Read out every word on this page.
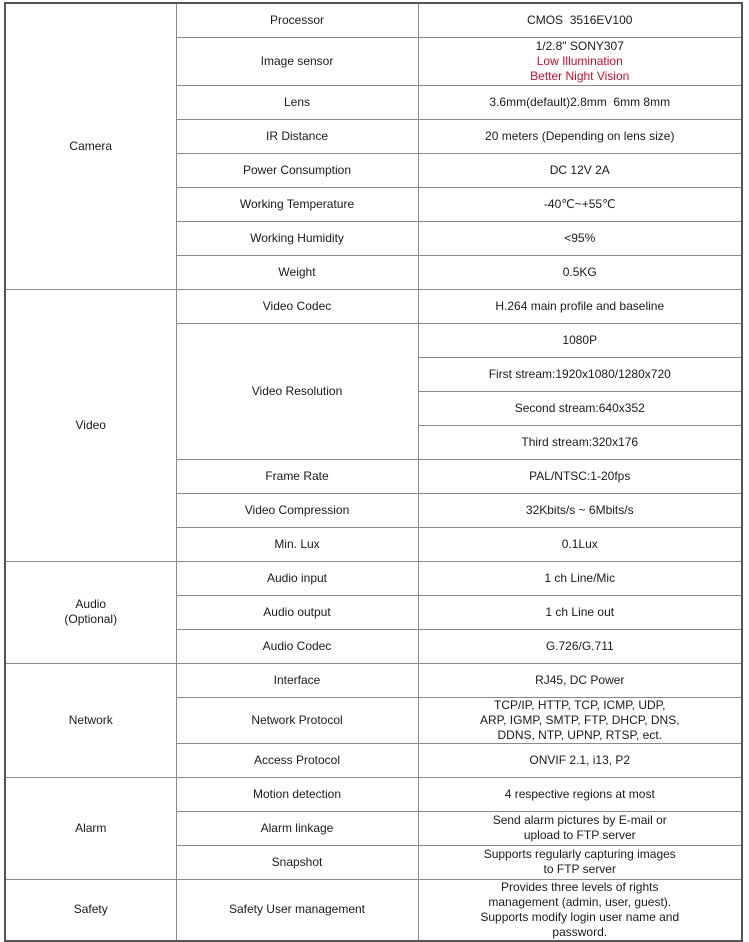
Camera	Processor	CMOS  3516EV100
	Image sensor	1/2.8" SONY307
Low Illumination
Better Night Vision

	Lens	3.6mm(default)2.8mm  6mm 8mm
	IR Distance	20 meters (Depending on lens size)
	Power Consumption	DC 12V 2A
	Working Temperature	-40℃~+55℃
	Working Humidity	<95%
	Weight	0.5KG
Video	Video Codec	H.264 main profile and baseline
	Video Resolution	1080P
		First stream:1920x1080/1280x720
		Second stream:640x352
		Third stream:320x176
	Frame Rate	PAL/NTSC:1-20fps
	Video Compression	32Kbits/s ~ 6Mbits/s
	Min. Lux	0.1Lux

Audio
(Optional)	Audio input	1 ch Line/Mic
	Audio output	1 ch Line out
	Audio Codec	G.726/G.711
Network	Interface	RJ45, DC Power
	Network Protocol	TCP/IP, HTTP, TCP, ICMP, UDP,
ARP, IGMP, SMTP, FTP, DHCP, DNS,
DDNS, NTP, UPNP, RTSP, ect.

	Access Protocol	ONVIF 2.1, i13, P2
Alarm	Motion detection	4 respective regions at most
	Alarm linkage	Send alarm pictures by E-mail or
upload to FTP server

	Snapshot	Supports regularly capturing images
to FTP server

Safety	Safety User management	Provides three levels of rights
management (admin, user, guest).
Supports modify login user name and
password.
